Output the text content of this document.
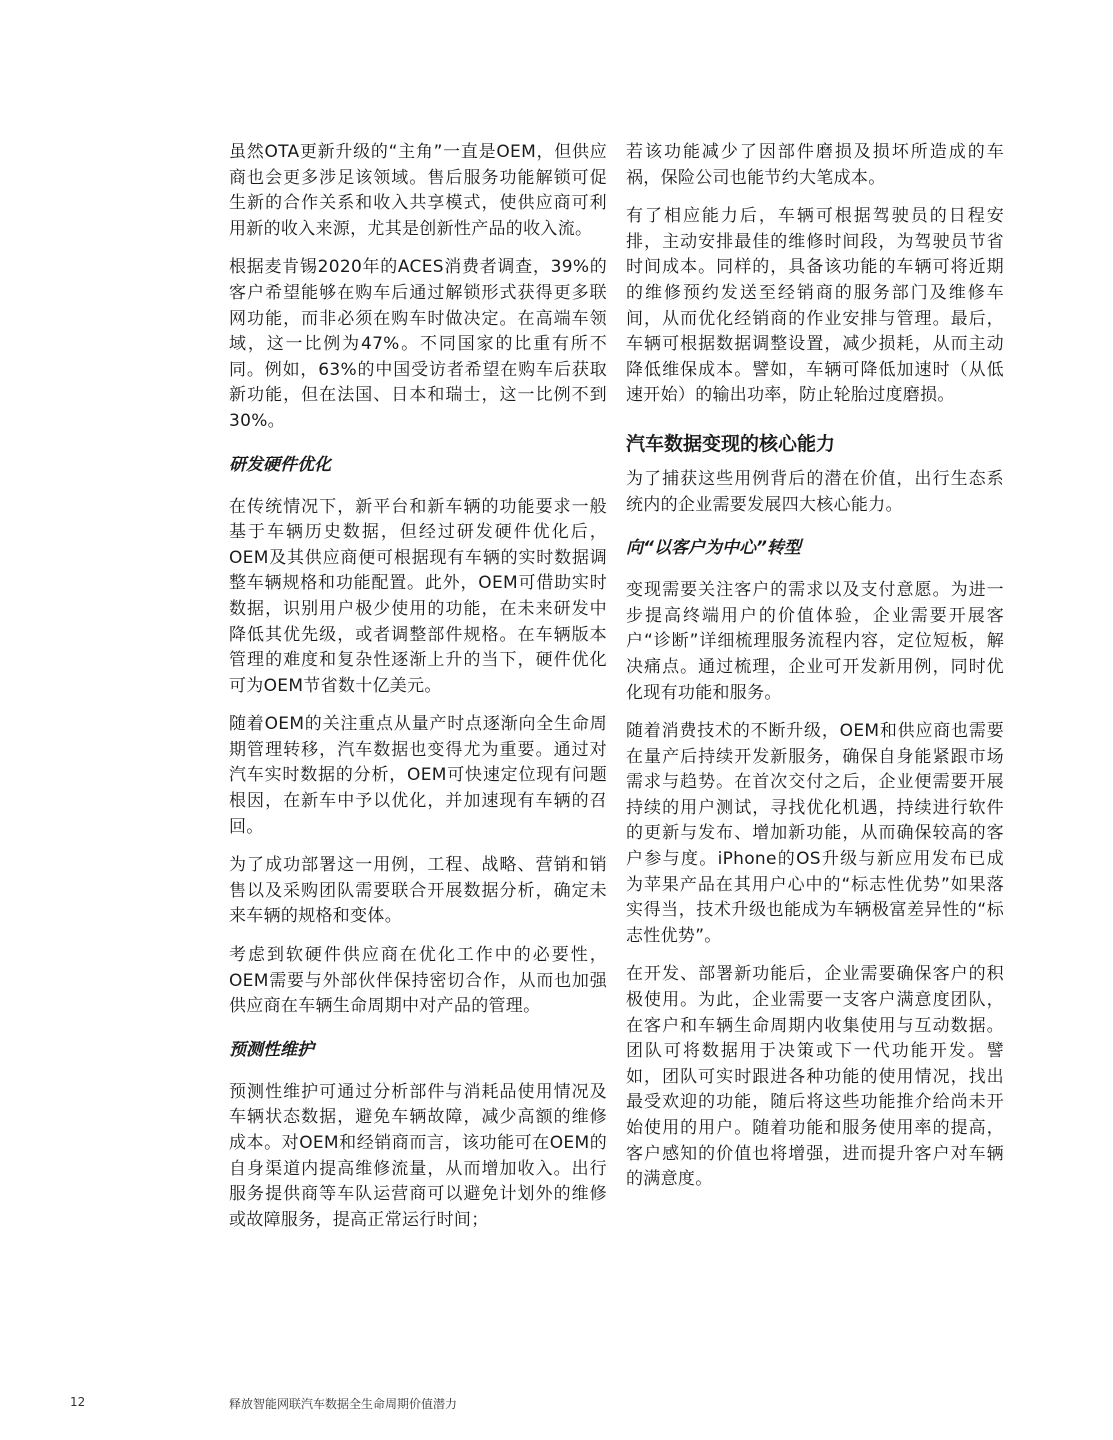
虽然OTA更新升级的“主角”一直是OEM，但供应商也会更多涉足该领域。售后服务功能解锁可促生新的合作关系和收入共享模式，使供应商可利用新的收入来源，尤其是创新性产品的收入流。

根据麦肯锡2020年的ACES消费者调查，39%的客户希望能够在购车后通过解锁形式获得更多联网功能，而非必须在购车时做决定。在高端车领域，这一比例为47%。不同国家的比重有所不同。例如，63%的中国受访者希望在购车后获取新功能，但在法国、日本和瑞士，这一比例不到30%。

研发硬件优化

在传统情况下，新平台和新车辆的功能要求一般基于车辆历史数据，但经过研发硬件优化后， OEM及其供应商便可根据现有车辆的实时数据调整车辆规格和功能配置。此外，OEM可借助实时数据，识别用户极少使用的功能，在未来研发中降低其优先级，或者调整部件规格。在车辆版本管理的难度和复杂性逐渐上升的当下，硬件优化可为OEM节省数十亿美元。

随着OEM的关注重点从量产时点逐渐向全生命周期管理转移，汽车数据也变得尤为重要。通过对汽车实时数据的分析，OEM可快速定位现有问题根因，在新车中予以优化，并加速现有车辆的召回。

为了成功部署这一用例，工程、战略、营销和销售以及采购团队需要联合开展数据分析，确定未来车辆的规格和变体。

考虑到软硬件供应商在优化工作中的必要性，OEM需要与外部伙伴保持密切合作，从而也加强供应商在车辆生命周期中对产品的管理。

预测性维护

预测性维护可通过分析部件与消耗品使用情况及车辆状态数据，避免车辆故障，减少高额的维修成本。对OEM和经销商而言，该功能可在OEM的自身渠道内提高维修流量，从而增加收入。出行服务提供商等车队运营商可以避免计划外的维修或故障服务，提高正常运行时间；

若该功能减少了因部件磨损及损坏所造成的车祸，保险公司也能节约大笔成本。

有了相应能力后，车辆可根据驾驶员的日程安排，主动安排最佳的维修时间段，为驾驶员节省时间成本。同样的，具备该功能的车辆可将近期的维修预约发送至经销商的服务部门及维修车间，从而优化经销商的作业安排与管理。最后，车辆可根据数据调整设置，减少损耗，从而主动降低维保成本。譬如，车辆可降低加速时（从低速开始）的输出功率，防止轮胎过度磨损。

汽车数据变现的核心能力

为了捕获这些用例背后的潜在价值，出行生态系统内的企业需要发展四大核心能力。

向“以客户为中心”转型

变现需要关注客户的需求以及支付意愿。为进一步提高终端用户的价值体验，企业需要开展客户“诊断”详细梳理服务流程内容，定位短板，解决痛点。通过梳理，企业可开发新用例，同时优化现有功能和服务。

随着消费技术的不断升级，OEM和供应商也需要在量产后持续开发新服务，确保自身能紧跟市场需求与趋势。在首次交付之后，企业便需要开展持续的用户测试，寻找优化机遇，持续进行软件的更新与发布、增加新功能，从而确保较高的客户参与度。iPhone的OS升级与新应用发布已成为苹果产品在其用户心中的“标志性优势”如果落实得当，技术升级也能成为车辆极富差异性的“标志性优势”。

在开发、部署新功能后，企业需要确保客户的积极使用。为此，企业需要一支客户满意度团队，在客户和车辆生命周期内收集使用与互动数据。团队可将数据用于决策或下一代功能开发。譬如，团队可实时跟进各种功能的使用情况，找出最受欢迎的功能，随后将这些功能推介给尚未开始使用的用户。随着功能和服务使用率的提高，客户感知的价值也将增强，进而提升客户对车辆的满意度。

12	释放智能网联汽车数据全生命周期价值潜力
